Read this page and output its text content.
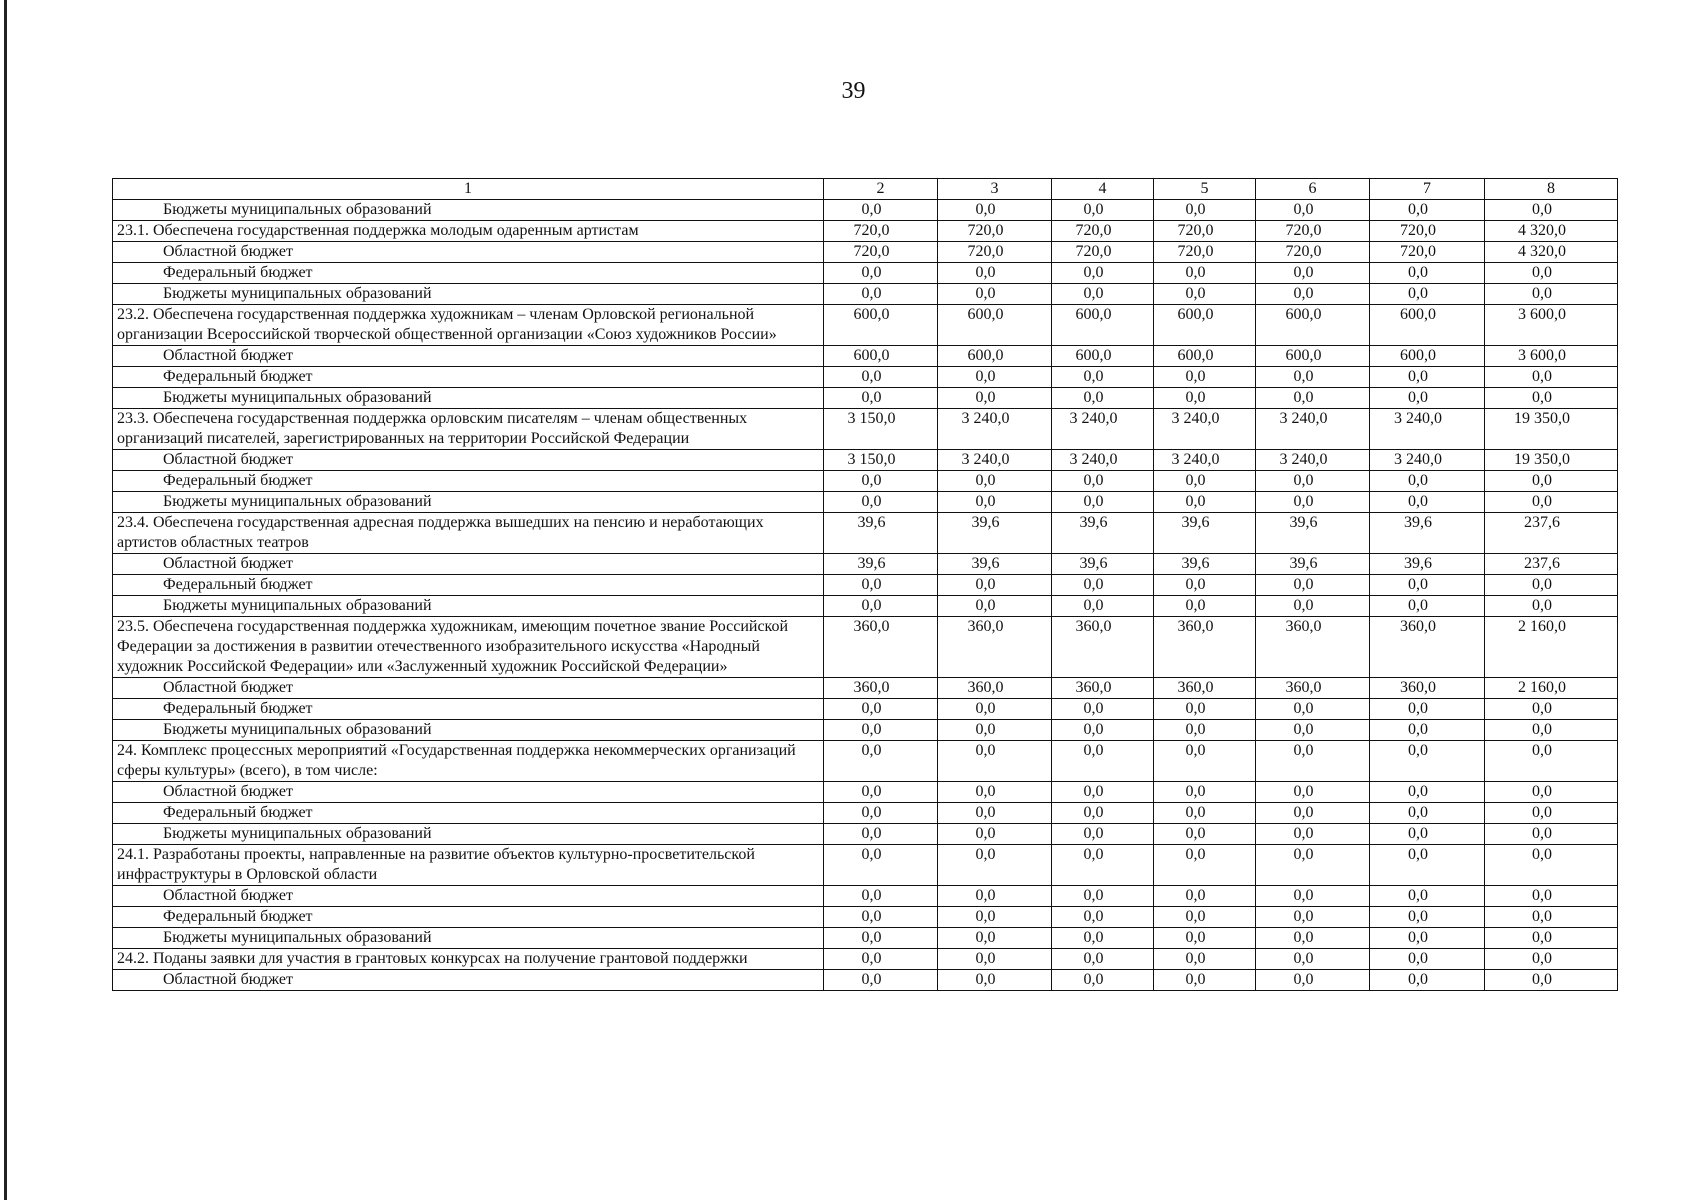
39
1	2	3	4	5	6	7	8
Бюджеты муниципальных образований	0,0	0,0	0,0	0,0	0,0	0,0	0,0
23.1. Обеспечена государственная поддержка молодым одаренным артистам	720,0	720,0	720,0	720,0	720,0	720,0	4 320,0
Областной бюджет	720,0	720,0	720,0	720,0	720,0	720,0	4 320,0
Федеральный бюджет	0,0	0,0	0,0	0,0	0,0	0,0	0,0
Бюджеты муниципальных образований	0,0	0,0	0,0	0,0	0,0	0,0	0,0
23.2. Обеспечена государственная поддержка художникам – членам Орловской региональной организации Всероссийской творческой общественной организации «Союз художников России»	600,0	600,0	600,0	600,0	600,0	600,0	3 600,0
Областной бюджет	600,0	600,0	600,0	600,0	600,0	600,0	3 600,0
Федеральный бюджет	0,0	0,0	0,0	0,0	0,0	0,0	0,0
Бюджеты муниципальных образований	0,0	0,0	0,0	0,0	0,0	0,0	0,0
23.3. Обеспечена государственная поддержка орловским писателям – членам общественных организаций писателей, зарегистрированных на территории Российской Федерации	3 150,0	3 240,0	3 240,0	3 240,0	3 240,0	3 240,0	19 350,0
Областной бюджет	3 150,0	3 240,0	3 240,0	3 240,0	3 240,0	3 240,0	19 350,0
Федеральный бюджет	0,0	0,0	0,0	0,0	0,0	0,0	0,0
Бюджеты муниципальных образований	0,0	0,0	0,0	0,0	0,0	0,0	0,0
23.4. Обеспечена государственная адресная поддержка вышедших на пенсию и неработающих артистов областных театров	39,6	39,6	39,6	39,6	39,6	39,6	237,6
Областной бюджет	39,6	39,6	39,6	39,6	39,6	39,6	237,6
Федеральный бюджет	0,0	0,0	0,0	0,0	0,0	0,0	0,0
Бюджеты муниципальных образований	0,0	0,0	0,0	0,0	0,0	0,0	0,0
23.5. Обеспечена государственная поддержка художникам, имеющим почетное звание Российской Федерации за достижения в развитии отечественного изобразительного искусства «Народный художник Российской Федерации» или «Заслуженный художник Российской Федерации»	360,0	360,0	360,0	360,0	360,0	360,0	2 160,0
Областной бюджет	360,0	360,0	360,0	360,0	360,0	360,0	2 160,0
Федеральный бюджет	0,0	0,0	0,0	0,0	0,0	0,0	0,0
Бюджеты муниципальных образований	0,0	0,0	0,0	0,0	0,0	0,0	0,0
24. Комплекс процессных мероприятий «Государственная поддержка некоммерческих организаций сферы культуры» (всего), в том числе:	0,0	0,0	0,0	0,0	0,0	0,0	0,0
Областной бюджет	0,0	0,0	0,0	0,0	0,0	0,0	0,0
Федеральный бюджет	0,0	0,0	0,0	0,0	0,0	0,0	0,0
Бюджеты муниципальных образований	0,0	0,0	0,0	0,0	0,0	0,0	0,0
24.1. Разработаны проекты, направленные на развитие объектов культурно-просветительской инфраструктуры в Орловской области	0,0	0,0	0,0	0,0	0,0	0,0	0,0
Областной бюджет	0,0	0,0	0,0	0,0	0,0	0,0	0,0
Федеральный бюджет	0,0	0,0	0,0	0,0	0,0	0,0	0,0
Бюджеты муниципальных образований	0,0	0,0	0,0	0,0	0,0	0,0	0,0
24.2. Поданы заявки для участия в грантовых конкурсах на получение грантовой поддержки	0,0	0,0	0,0	0,0	0,0	0,0	0,0
Областной бюджет	0,0	0,0	0,0	0,0	0,0	0,0	0,0
